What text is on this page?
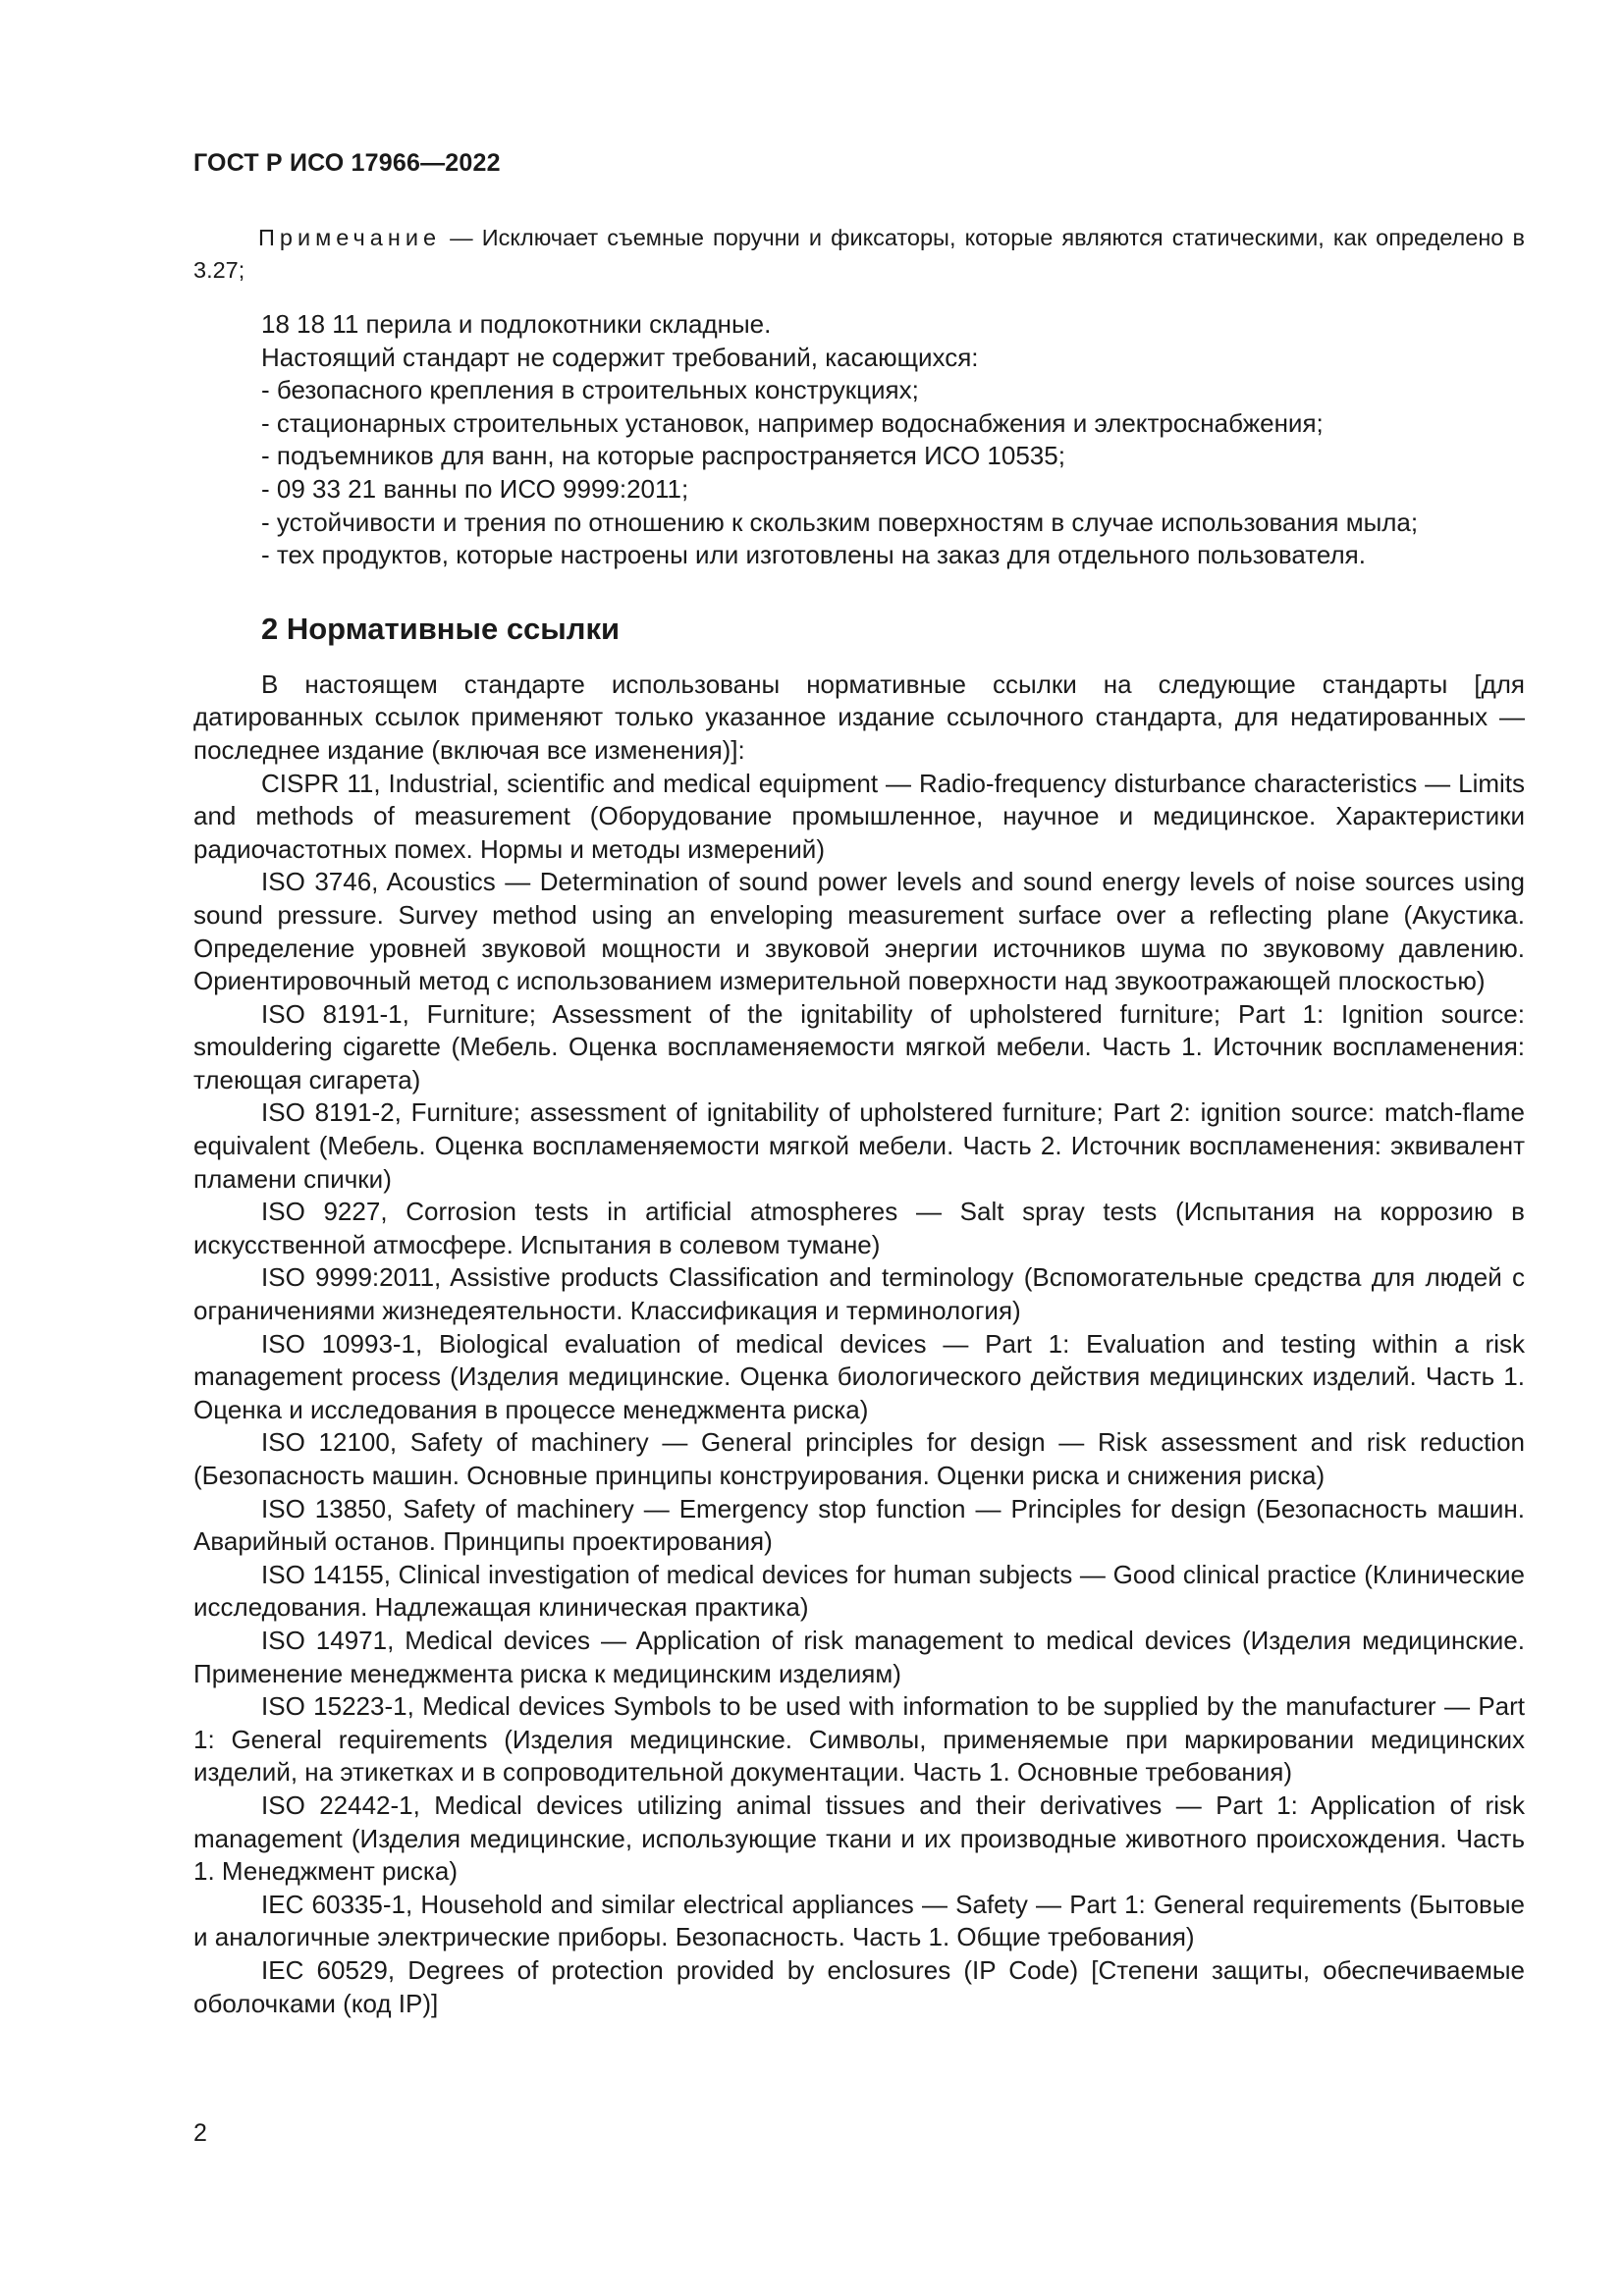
ГОСТ Р ИСО 17966—2022

Примечание — Исключает съемные поручни и фиксаторы, которые являются статическими, как определено в 3.27;

18 18 11 перила и подлокотники складные.

Настоящий стандарт не содержит требований, касающихся:

- безопасного крепления в строительных конструкциях;
- стационарных строительных установок, например водоснабжения и электроснабжения;
- подъемников для ванн, на которые распространяется ИСО 10535;
- 09 33 21 ванны по ИСО 9999:2011;
- устойчивости и трения по отношению к скользким поверхностям в случае использования мыла;
- тех продуктов, которые настроены или изготовлены на заказ для отдельного пользователя.
2 Нормативные ссылки

В настоящем стандарте использованы нормативные ссылки на следующие стандарты [для датированных ссылок применяют только указанное издание ссылочного стандарта, для недатированных — последнее издание (включая все изменения)]:

CISPR 11, Industrial, scientific and medical equipment — Radio-frequency disturbance characteristics — Limits and methods of measurement (Оборудование промышленное, научное и медицинское. Характеристики радиочастотных помех. Нормы и методы измерений)

ISO 3746, Acoustics — Determination of sound power levels and sound energy levels of noise sources using sound pressure. Survey method using an enveloping measurement surface over a reflecting plane (Акустика. Определение уровней звуковой мощности и звуковой энергии источников шума по звуковому давлению. Ориентировочный метод с использованием измерительной поверхности над звукоотражающей плоскостью)

ISO 8191-1, Furniture; Assessment of the ignitability of upholstered furniture; Part 1: Ignition source: smouldering cigarette (Мебель. Оценка воспламеняемости мягкой мебели. Часть 1. Источник воспламенения: тлеющая сигарета)

ISO 8191-2, Furniture; assessment of ignitability of upholstered furniture; Part 2: ignition source: match-flame equivalent (Мебель. Оценка воспламеняемости мягкой мебели. Часть 2. Источник воспламенения: эквивалент пламени спички)

ISO 9227, Corrosion tests in artificial atmospheres — Salt spray tests (Испытания на коррозию в искусственной атмосфере. Испытания в солевом тумане)

ISO 9999:2011, Assistive products Classification and terminology (Вспомогательные средства для людей с ограничениями жизнедеятельности. Классификация и терминология)

ISO 10993-1, Biological evaluation of medical devices — Part 1: Evaluation and testing within a risk management process (Изделия медицинские. Оценка биологического действия медицинских изделий. Часть 1. Оценка и исследования в процессе менеджмента риска)

ISO 12100, Safety of machinery — General principles for design — Risk assessment and risk reduction (Безопасность машин. Основные принципы конструирования. Оценки риска и снижения риска)

ISO 13850, Safety of machinery — Emergency stop function — Principles for design (Безопасность машин. Аварийный останов. Принципы проектирования)

ISO 14155, Clinical investigation of medical devices for human subjects — Good clinical practice (Клинические исследования. Надлежащая клиническая практика)

ISO 14971, Medical devices — Application of risk management to medical devices (Изделия медицинские. Применение менеджмента риска к медицинским изделиям)

ISO 15223-1, Medical devices Symbols to be used with information to be supplied by the manufacturer — Part 1: General requirements (Изделия медицинские. Символы, применяемые при маркировании медицинских изделий, на этикетках и в сопроводительной документации. Часть 1. Основные требования)

ISO 22442-1, Medical devices utilizing animal tissues and their derivatives — Part 1: Application of risk management (Изделия медицинские, использующие ткани и их производные животного происхождения. Часть 1. Менеджмент риска)

IEC 60335-1, Household and similar electrical appliances — Safety — Part 1: General requirements (Бытовые и аналогичные электрические приборы. Безопасность. Часть 1. Общие требования)

IEC 60529, Degrees of protection provided by enclosures (IP Code) [Степени защиты, обеспечиваемые оболочками (код IP)]

2
